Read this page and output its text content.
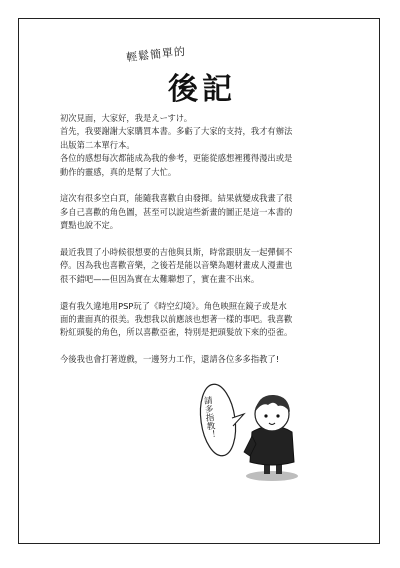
輕鬆簡單的
後記
初次見面，大家好，我是えーすけ。
首先，我要謝謝大家購買本書。多虧了大家的支持，我才有辦法
出版第二本單行本。
各位的感想每次都能成為我的參考，更能從感想裡獲得漫出或是
動作的靈感，真的是幫了大忙。
這次有很多空白頁，能隨我喜歡自由發揮。結果就變成我畫了很
多自己喜歡的角色圖，甚至可以說這些新畫的圖正是這一本書的
賣點也說不定。
最近我買了小時候很想要的吉他與貝斯，時常跟朋友一起彈個不
停。因為我也喜歡音樂，之後若是能以音樂為題材畫成人漫畫也
很不錯吧——但因為實在太難聯想了，實在畫不出來。
還有我久違地用PSP玩了《時空幻境》。角色映照在鏡子或是水
面的畫面真的很美。我想我以前應該也想著一樣的事吧。我喜歡
粉紅頭髮的角色，所以喜歡亞雀，特別是把頭髮放下來的亞雀。
今後我也會打著遊戲，一邊努力工作，還請各位多多指教了!
請多指教！
